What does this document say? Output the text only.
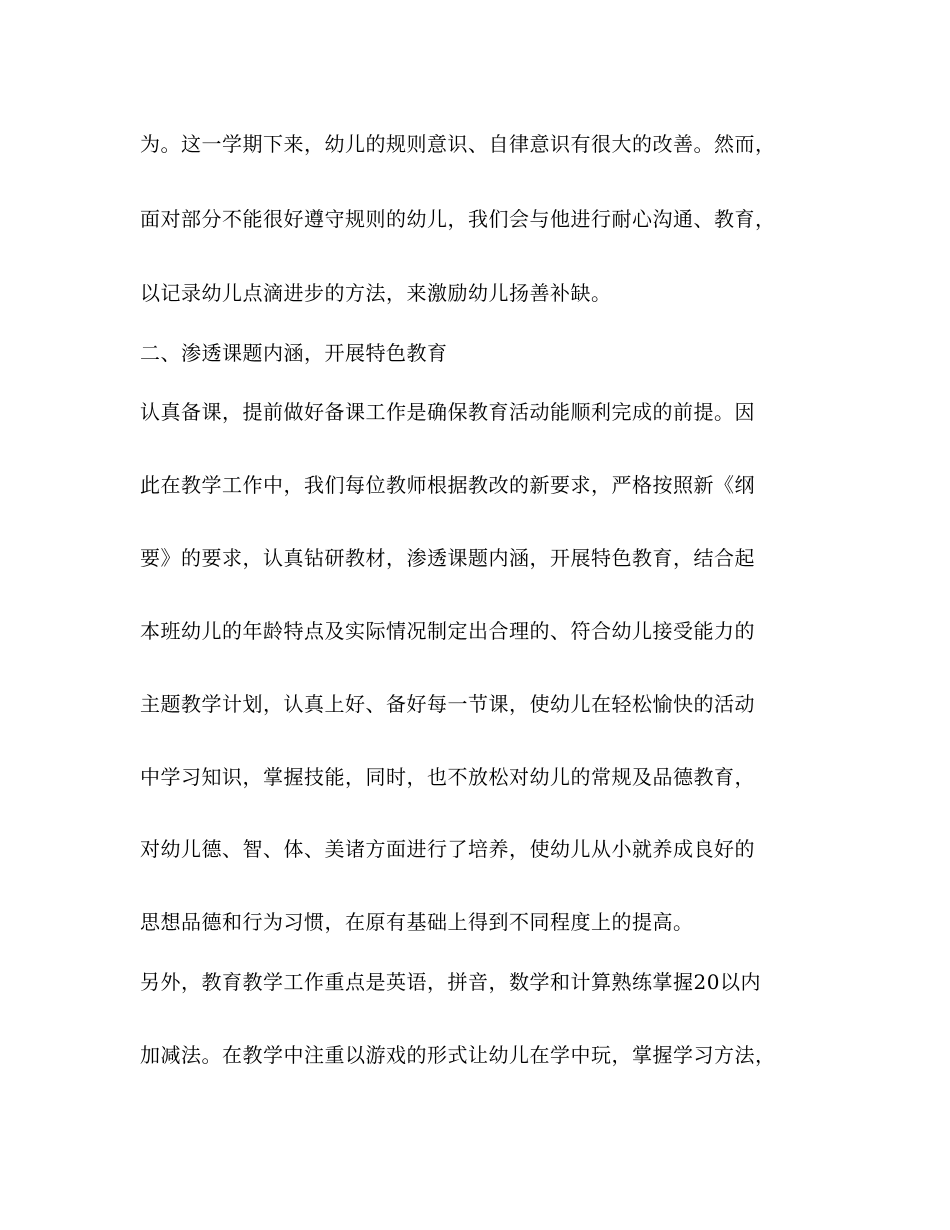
为。这一学期下来，幼儿的规则意识、自律意识有很大的改善。然而，
面对部分不能很好遵守规则的幼儿，我们会与他进行耐心沟通、教育，
以记录幼儿点滴进步的方法，来激励幼儿扬善补缺。
二、渗透课题内涵，开展特色教育
认真备课，提前做好备课工作是确保教育活动能顺利完成的前提。因
此在教学工作中，我们每位教师根据教改的新要求，严格按照新《纲
要》的要求，认真钻研教材，渗透课题内涵，开展特色教育，结合起
本班幼儿的年龄特点及实际情况制定出合理的、符合幼儿接受能力的
主题教学计划，认真上好、备好每一节课，使幼儿在轻松愉快的活动
中学习知识，掌握技能，同时，也不放松对幼儿的常规及品德教育，
对幼儿德、智、体、美诸方面进行了培养，使幼儿从小就养成良好的
思想品德和行为习惯，在原有基础上得到不同程度上的提高。
另外，教育教学工作重点是英语，拼音，数学和计算熟练掌握20以内
加减法。在教学中注重以游戏的形式让幼儿在学中玩，掌握学习方法，
